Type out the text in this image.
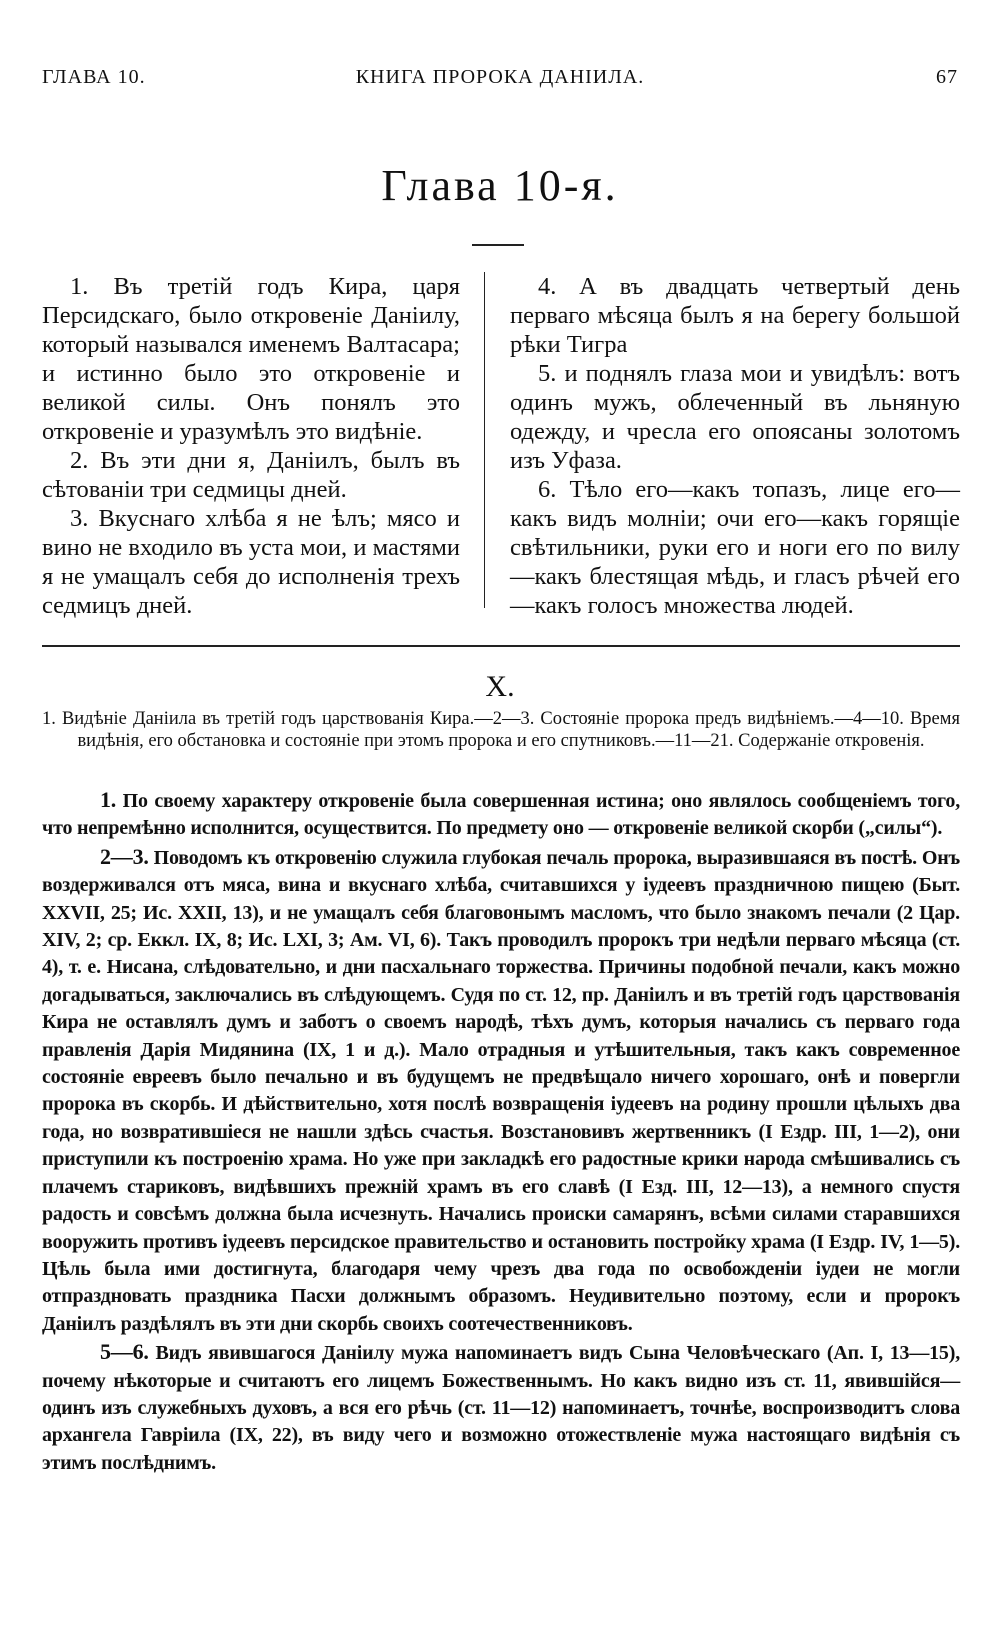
ГЛАВА 10.	КНИГА ПРОРОКА ДАНІИЛА.	67
Глава 10-я.

1. Въ третій годъ Кира, царя Персидскаго, было откровеніе Даніилу, который назывался именемъ Валтасара; и истинно было это откровеніе и великой силы. Онъ понялъ это откровеніе и уразумѣлъ это видѣніе.

2. Въ эти дни я, Даніилъ, былъ въ сѣтованіи три седмицы дней.

3. Вкуснаго хлѣба я не ѣлъ; мясо и вино не входило въ уста мои, и мастями я не умащалъ себя до исполненія трехъ седмицъ дней.

4. А въ двадцать четвертый день перваго мѣсяца былъ я на берегу большой рѣки Тигра

5. и поднялъ глаза мои и увидѣлъ: вотъ одинъ мужъ, облеченный въ льняную одежду, и чресла его опоясаны золотомъ изъ Уфаза.

6. Тѣло его—какъ топазъ, лице его—какъ видъ молніи; очи его—какъ горящіе свѣтильники, руки его и ноги его по вилу—какъ блестящая мѣдь, и гласъ рѣчей его—какъ голосъ множества людей.

X.
1. Видѣніе Даніила въ третій годъ царствованія Кира.—2—3. Состояніе пророка предъ видѣніемъ.—4—10. Время видѣнія, его обстановка и состояніе при этомъ пророка и его спутниковъ.—11—21. Содержаніе откровенія.

1. По своему характеру откровеніе была совершенная истина; оно являлось сообщеніемъ того, что непремѣнно исполнится, осуществится. По предмету оно — откровеніе великой скорби („силы“).

2—3. Поводомъ къ откровенію служила глубокая печаль пророка, выразившаяся въ постѣ. Онъ воздерживался отъ мяса, вина и вкуснаго хлѣба, считавшихся у іудеевъ праздничною пищею (Быт. XXVII, 25; Ис. XXII, 13), и не умащалъ себя благовонымъ масломъ, что было знакомъ печали (2 Цар. XIV, 2; ср. Еккл. IX, 8; Ис. LXI, 3; Ам. VI, 6). Такъ проводилъ пророкъ три недѣли перваго мѣсяца (ст. 4), т. е. Нисана, слѣдовательно, и дни пасхальнаго торжества. Причины подобной печали, какъ можно догадываться, заключались въ слѣдующемъ. Судя по ст. 12, пр. Даніилъ и въ третій годъ царствованія Кира не оставлялъ думъ и заботъ о своемъ народѣ, тѣхъ думъ, которыя начались съ перваго года правленія Дарія Мидянина (IX, 1 и д.). Мало отрадныя и утѣшительныя, такъ какъ современное состояніе евреевъ было печально и въ будущемъ не предвѣщало ничего хорошаго, онѣ и повергли пророка въ скорбь. И дѣйствительно, хотя послѣ возвращенія іудеевъ на родину прошли цѣлыхъ два года, но возвратившіеся не нашли здѣсь счастья. Возстановивъ жертвенникъ (I Ездр. III, 1—2), они приступили къ построенію храма. Но уже при закладкѣ его радостные крики народа смѣшивались съ плачемъ стариковъ, видѣвшихъ прежній храмъ въ его славѣ (I Езд. III, 12—13), а немного спустя радость и совсѣмъ должна была исчезнуть. Начались происки самарянъ, всѣми силами старавшихся вооружить противъ іудеевъ персидское правительство и остановить постройку храма (I Ездр. IV, 1—5). Цѣль была ими достигнута, благодаря чему чрезъ два года по освобожденіи іудеи не могли отпраздновать праздника Пасхи должнымъ образомъ. Неудивительно поэтому, если и пророкъ Даніилъ раздѣлялъ въ эти дни скорбь своихъ соотечественниковъ.

5—6. Видъ явившагося Даніилу мужа напоминаетъ видъ Сына Человѣческаго (Ап. I, 13—15), почему нѣкоторые и считаютъ его лицемъ Божественнымъ. Но какъ видно изъ ст. 11, явившійся—одинъ изъ служебныхъ духовъ, а вся его рѣчь (ст. 11—12) напоминаетъ, точнѣе, воспроизводитъ слова архангела Гавріила (IX, 22), въ виду чего и возможно отожествленіе мужа настоящаго видѣнія съ этимъ послѣднимъ.
